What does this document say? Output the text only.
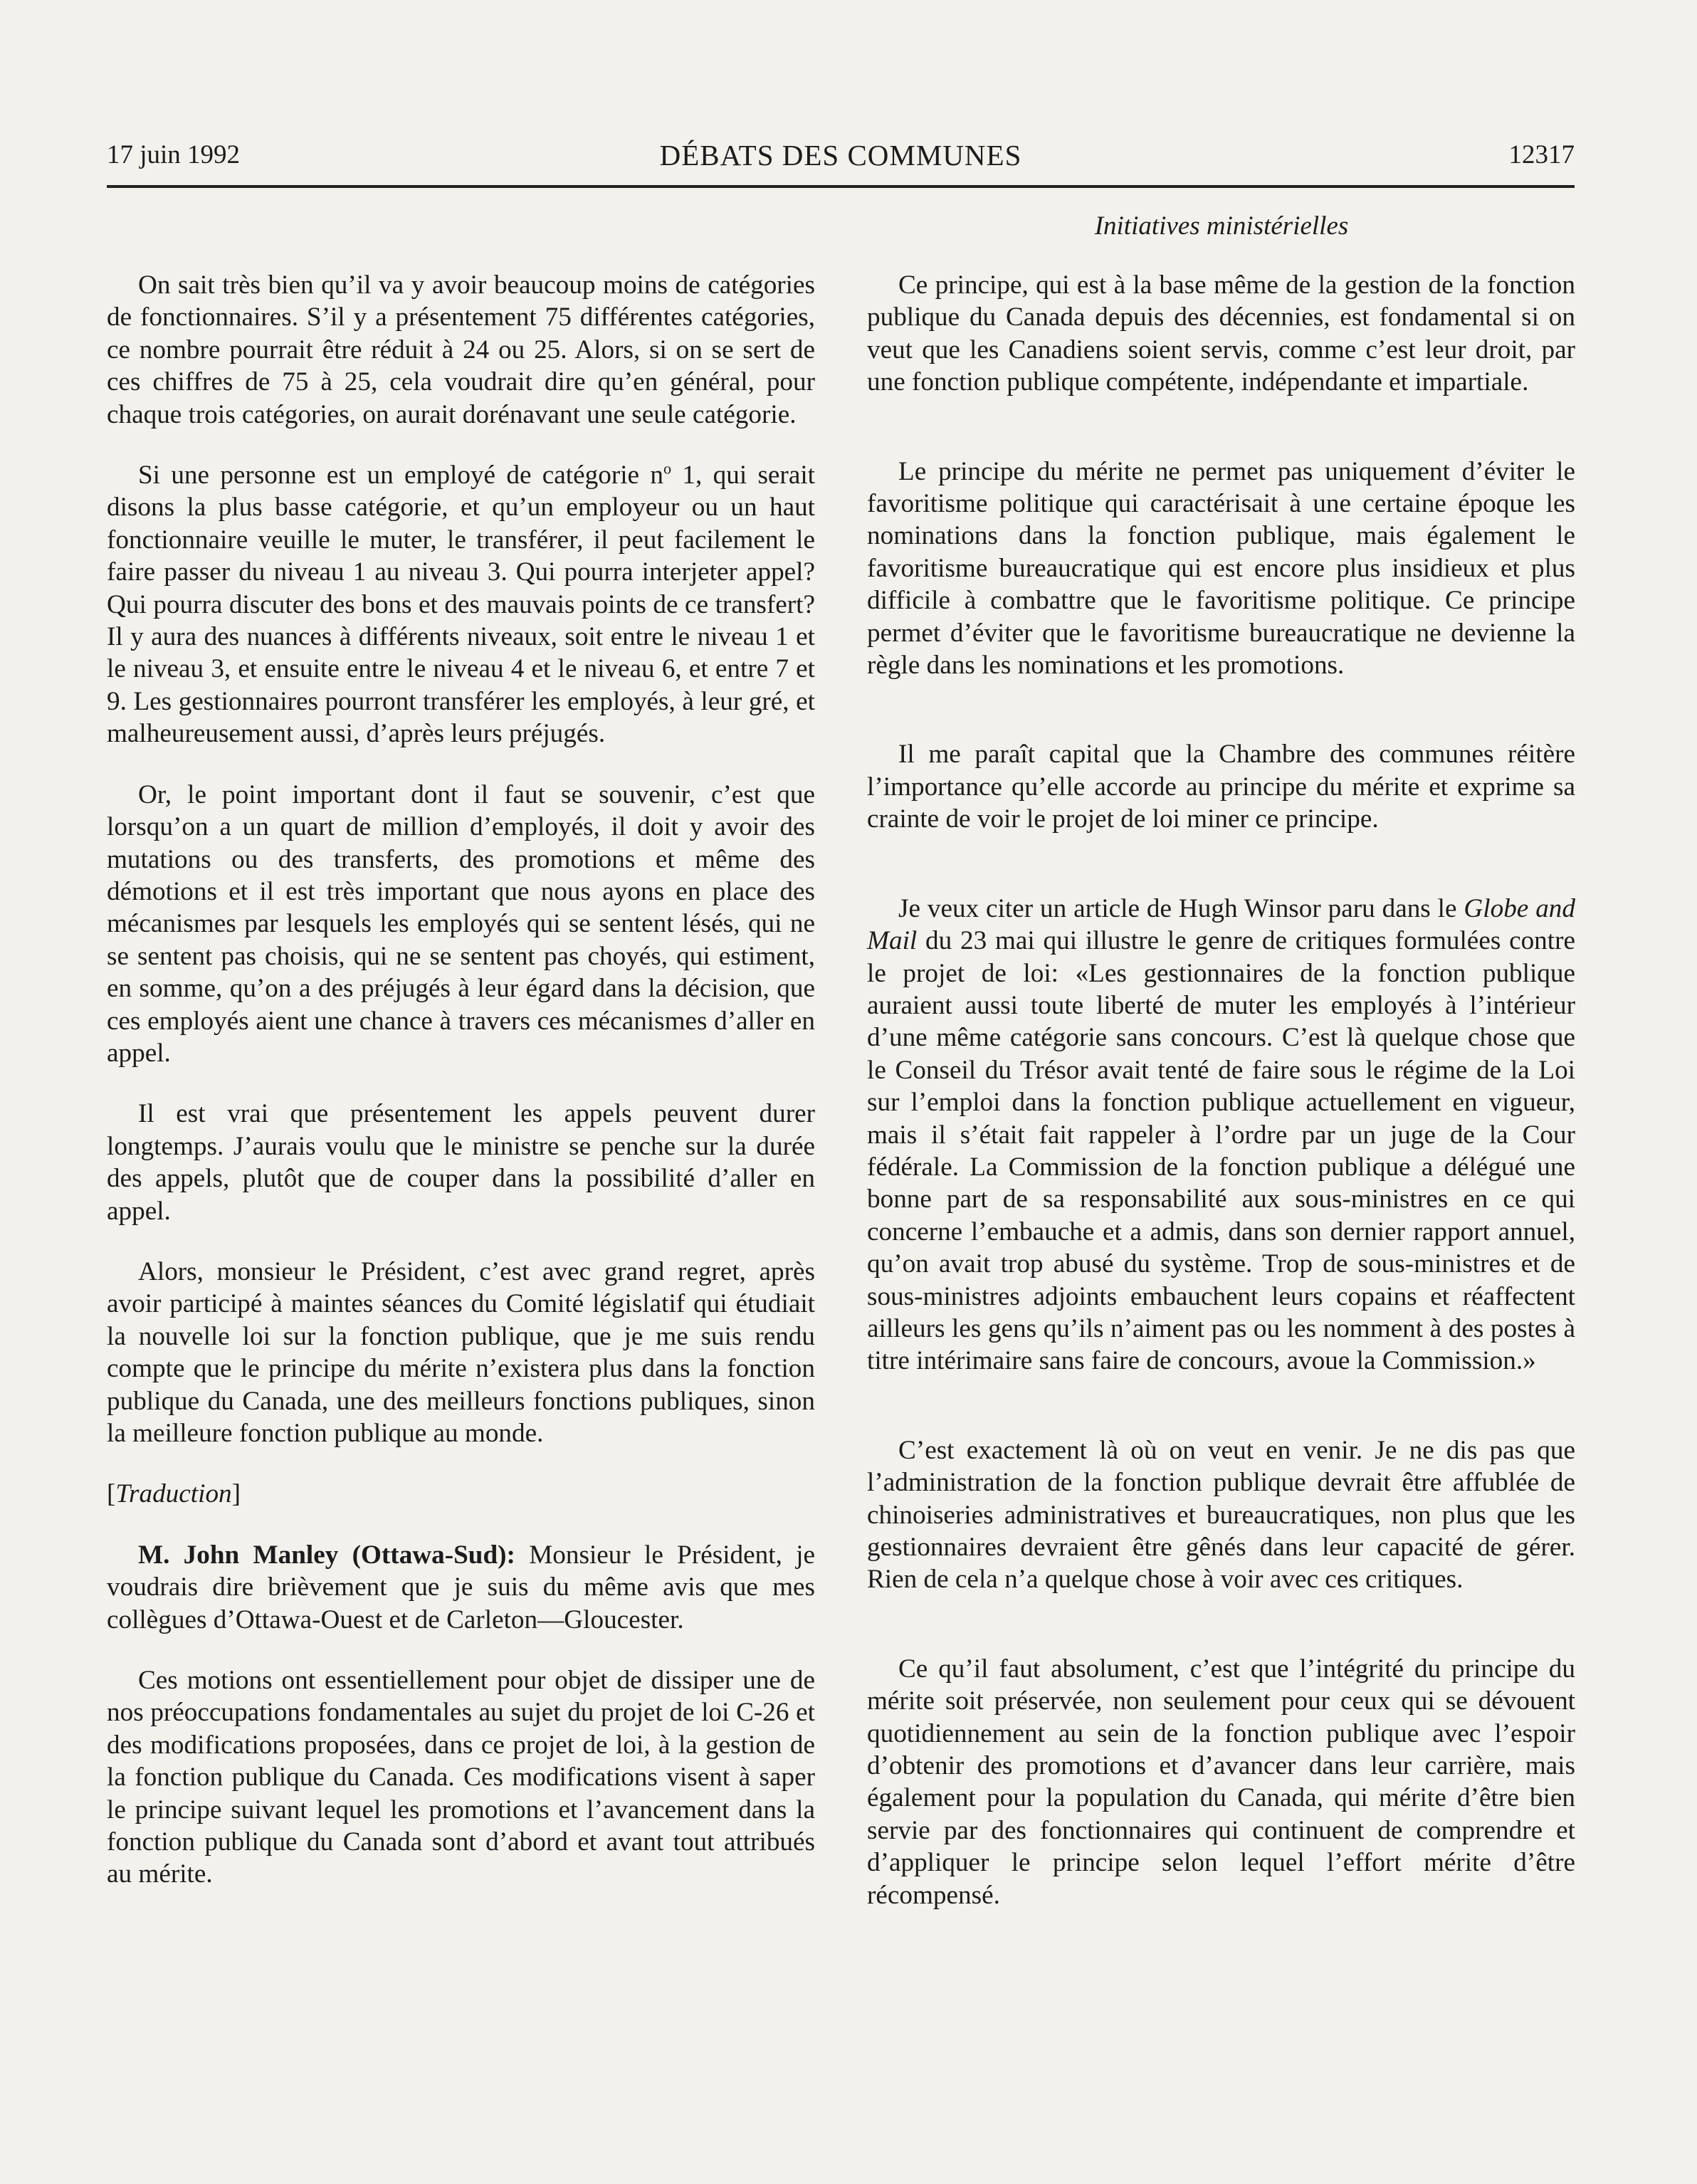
17 juin 1992	DÉBATS DES COMMUNES	12317
Initiatives ministérielles

On sait très bien qu’il va y avoir beaucoup moins de catégories de fonctionnaires. S’il y a présentement 75 différentes catégories, ce nombre pourrait être réduit à 24 ou 25. Alors, si on se sert de ces chiffres de 75 à 25, cela voudrait dire qu’en général, pour chaque trois catégories, on aurait dorénavant une seule catégorie.

Si une personne est un employé de catégorie $n^o$ 1, qui serait disons la plus basse catégorie, et qu’un employeur ou un haut fonctionnaire veuille le muter, le transférer, il peut facilement le faire passer du niveau 1 au niveau 3. Qui pourra interjeter appel? Qui pourra discuter des bons et des mauvais points de ce transfert? Il y aura des nuances à différents niveaux, soit entre le niveau 1 et le niveau 3, et ensuite entre le niveau 4 et le niveau 6, et entre 7 et 9. Les gestionnaires pourront transférer les employés, à leur gré, et malheureusement aussi, d’après leurs préjugés.

Or, le point important dont il faut se souvenir, c’est que lorsqu’on a un quart de million d’employés, il doit y avoir des mutations ou des transferts, des promotions et même des démotions et il est très important que nous ayons en place des mécanismes par lesquels les employés qui se sentent lésés, qui ne se sentent pas choisis, qui ne se sentent pas choyés, qui estiment, en somme, qu’on a des préjugés à leur égard dans la décision, que ces employés aient une chance à travers ces mécanismes d’aller en appel.

Il est vrai que présentement les appels peuvent durer longtemps. J’aurais voulu que le ministre se penche sur la durée des appels, plutôt que de couper dans la possibilité d’aller en appel.

Alors, monsieur le Président, c’est avec grand regret, après avoir participé à maintes séances du Comité législatif qui étudiait la nouvelle loi sur la fonction publique, que je me suis rendu compte que le principe du mérite n’existera plus dans la fonction publique du Canada, une des meilleurs fonctions publiques, sinon la meilleure fonction publique au monde.

[Traduction]

M. John Manley (Ottawa-Sud): Monsieur le Président, je voudrais dire brièvement que je suis du même avis que mes collègues d’Ottawa-Ouest et de Carleton—Gloucester.

Ces motions ont essentiellement pour objet de dissiper une de nos préoccupations fondamentales au sujet du projet de loi C-26 et des modifications proposées, dans ce projet de loi, à la gestion de la fonction publique du Canada. Ces modifications visent à saper le principe suivant lequel les promotions et l’avancement dans la fonction publique du Canada sont d’abord et avant tout attribués au mérite.

Ce principe, qui est à la base même de la gestion de la fonction publique du Canada depuis des décennies, est fondamental si on veut que les Canadiens soient servis, comme c’est leur droit, par une fonction publique compétente, indépendante et impartiale.

Le principe du mérite ne permet pas uniquement d’éviter le favoritisme politique qui caractérisait à une certaine époque les nominations dans la fonction publique, mais également le favoritisme bureaucratique qui est encore plus insidieux et plus difficile à combattre que le favoritisme politique. Ce principe permet d’éviter que le favoritisme bureaucratique ne devienne la règle dans les nominations et les promotions.

Il me paraît capital que la Chambre des communes réitère l’importance qu’elle accorde au principe du mérite et exprime sa crainte de voir le projet de loi miner ce principe.

Je veux citer un article de Hugh Winsor paru dans le Globe and Mail du 23 mai qui illustre le genre de critiques formulées contre le projet de loi: «Les gestionnaires de la fonction publique auraient aussi toute liberté de muter les employés à l’intérieur d’une même catégorie sans concours. C’est là quelque chose que le Conseil du Trésor avait tenté de faire sous le régime de la Loi sur l’emploi dans la fonction publique actuellement en vigueur, mais il s’était fait rappeler à l’ordre par un juge de la Cour fédérale. La Commission de la fonction publique a délégué une bonne part de sa responsabilité aux sous-ministres en ce qui concerne l’embauche et a admis, dans son dernier rapport annuel, qu’on avait trop abusé du système. Trop de sous-ministres et de sous-ministres adjoints embauchent leurs copains et réaffectent ailleurs les gens qu’ils n’aiment pas ou les nomment à des postes à titre intérimaire sans faire de concours, avoue la Commission.»

C’est exactement là où on veut en venir. Je ne dis pas que l’administration de la fonction publique devrait être affublée de chinoiseries administratives et bureaucratiques, non plus que les gestionnaires devraient être gênés dans leur capacité de gérer. Rien de cela n’a quelque chose à voir avec ces critiques.

Ce qu’il faut absolument, c’est que l’intégrité du principe du mérite soit préservée, non seulement pour ceux qui se dévouent quotidiennement au sein de la fonction publique avec l’espoir d’obtenir des promotions et d’avancer dans leur carrière, mais également pour la population du Canada, qui mérite d’être bien servie par des fonctionnaires qui continuent de comprendre et d’appliquer le principe selon lequel l’effort mérite d’être récompensé.
